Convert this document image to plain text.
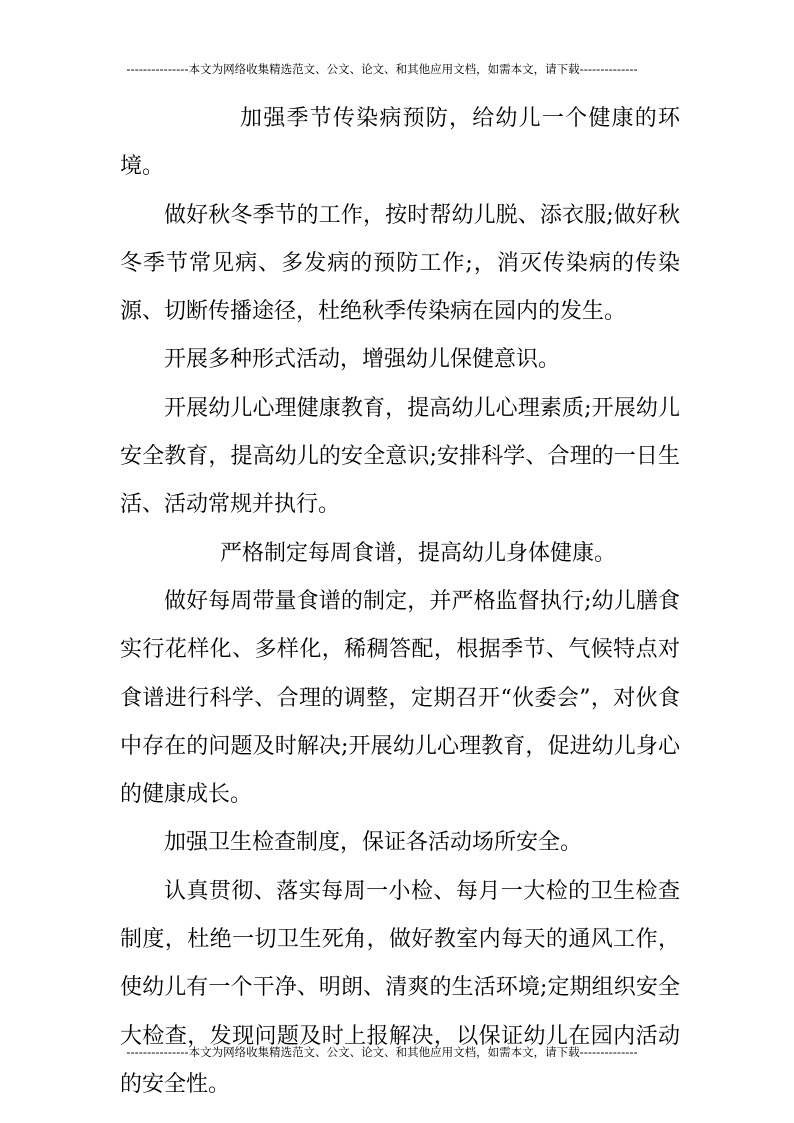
---------------本文为网络收集精选范文、公文、论文、和其他应用文档，如需本文，请下载--------------

加强季节传染病预防，给幼儿一个健康的环境。

做好秋冬季节的工作，按时帮幼儿脱、添衣服;做好秋冬季节常见病、多发病的预防工作;，消灭传染病的传染源、切断传播途径，杜绝秋季传染病在园内的发生。

开展多种形式活动，增强幼儿保健意识。

开展幼儿心理健康教育，提高幼儿心理素质;开展幼儿安全教育，提高幼儿的安全意识;安排科学、合理的一日生活、活动常规并执行。

严格制定每周食谱，提高幼儿身体健康。

做好每周带量食谱的制定，并严格监督执行;幼儿膳食实行花样化、多样化，稀稠答配，根据季节、气候特点对食谱进行科学、合理的调整，定期召开“伙委会”，对伙食中存在的问题及时解决;开展幼儿心理教育，促进幼儿身心的健康成长。

加强卫生检查制度，保证各活动场所安全。

认真贯彻、落实每周一小检、每月一大检的卫生检查制度，杜绝一切卫生死角，做好教室内每天的通风工作，使幼儿有一个干净、明朗、清爽的生活环境;定期组织安全大检查，发现问题及时上报解决，以保证幼儿在园内活动的安全性。

---------------本文为网络收集精选范文、公文、论文、和其他应用文档，如需本文，请下载--------------
